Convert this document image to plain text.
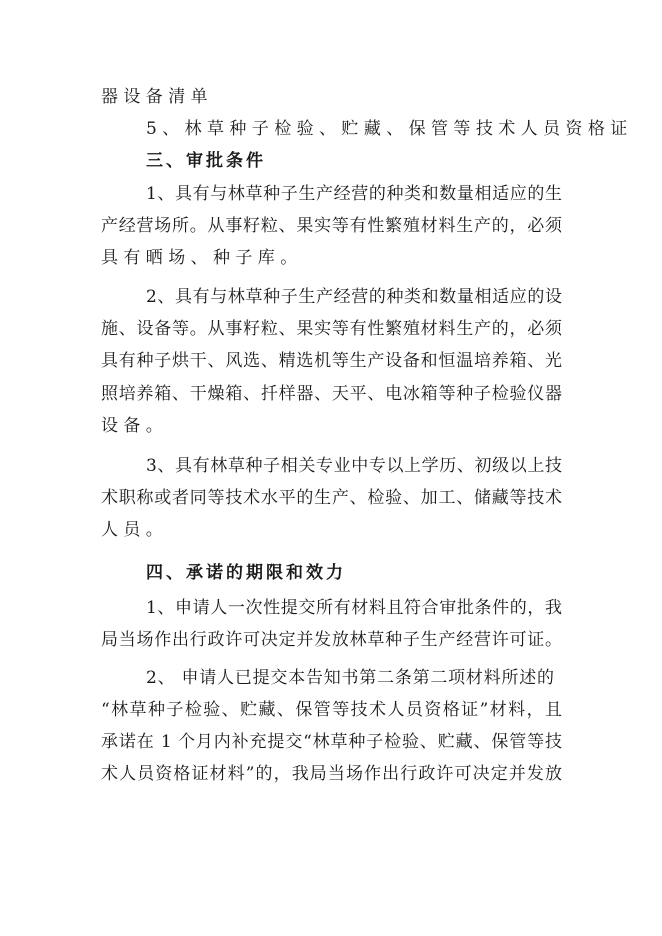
器设备清单
5、林草种子检验、贮藏、保管等技术人员资格证
三、审批条件
1、具有与林草种子生产经营的种类和数量相适应的生
产经营场所。从事籽粒、果实等有性繁殖材料生产的，必须
具有晒场、种子库。
2、具有与林草种子生产经营的种类和数量相适应的设
施、设备等。从事籽粒、果实等有性繁殖材料生产的，必须
具有种子烘干、风选、精选机等生产设备和恒温培养箱、光
照培养箱、干燥箱、扦样器、天平、电冰箱等种子检验仪器
设备。
3、具有林草种子相关专业中专以上学历、初级以上技
术职称或者同等技术水平的生产、检验、加工、储藏等技术
人员。
四、承诺的期限和效力
1、申请人一次性提交所有材料且符合审批条件的，我
局当场作出行政许可决定并发放林草种子生产经营许可证。
2、 申请人已提交本告知书第二条第二项材料所述的
“林草种子检验、贮藏、保管等技术人员资格证”材料，且
承诺在 1 个月内补充提交“林草种子检验、贮藏、保管等技
术人员资格证材料”的，我局当场作出行政许可决定并发放
